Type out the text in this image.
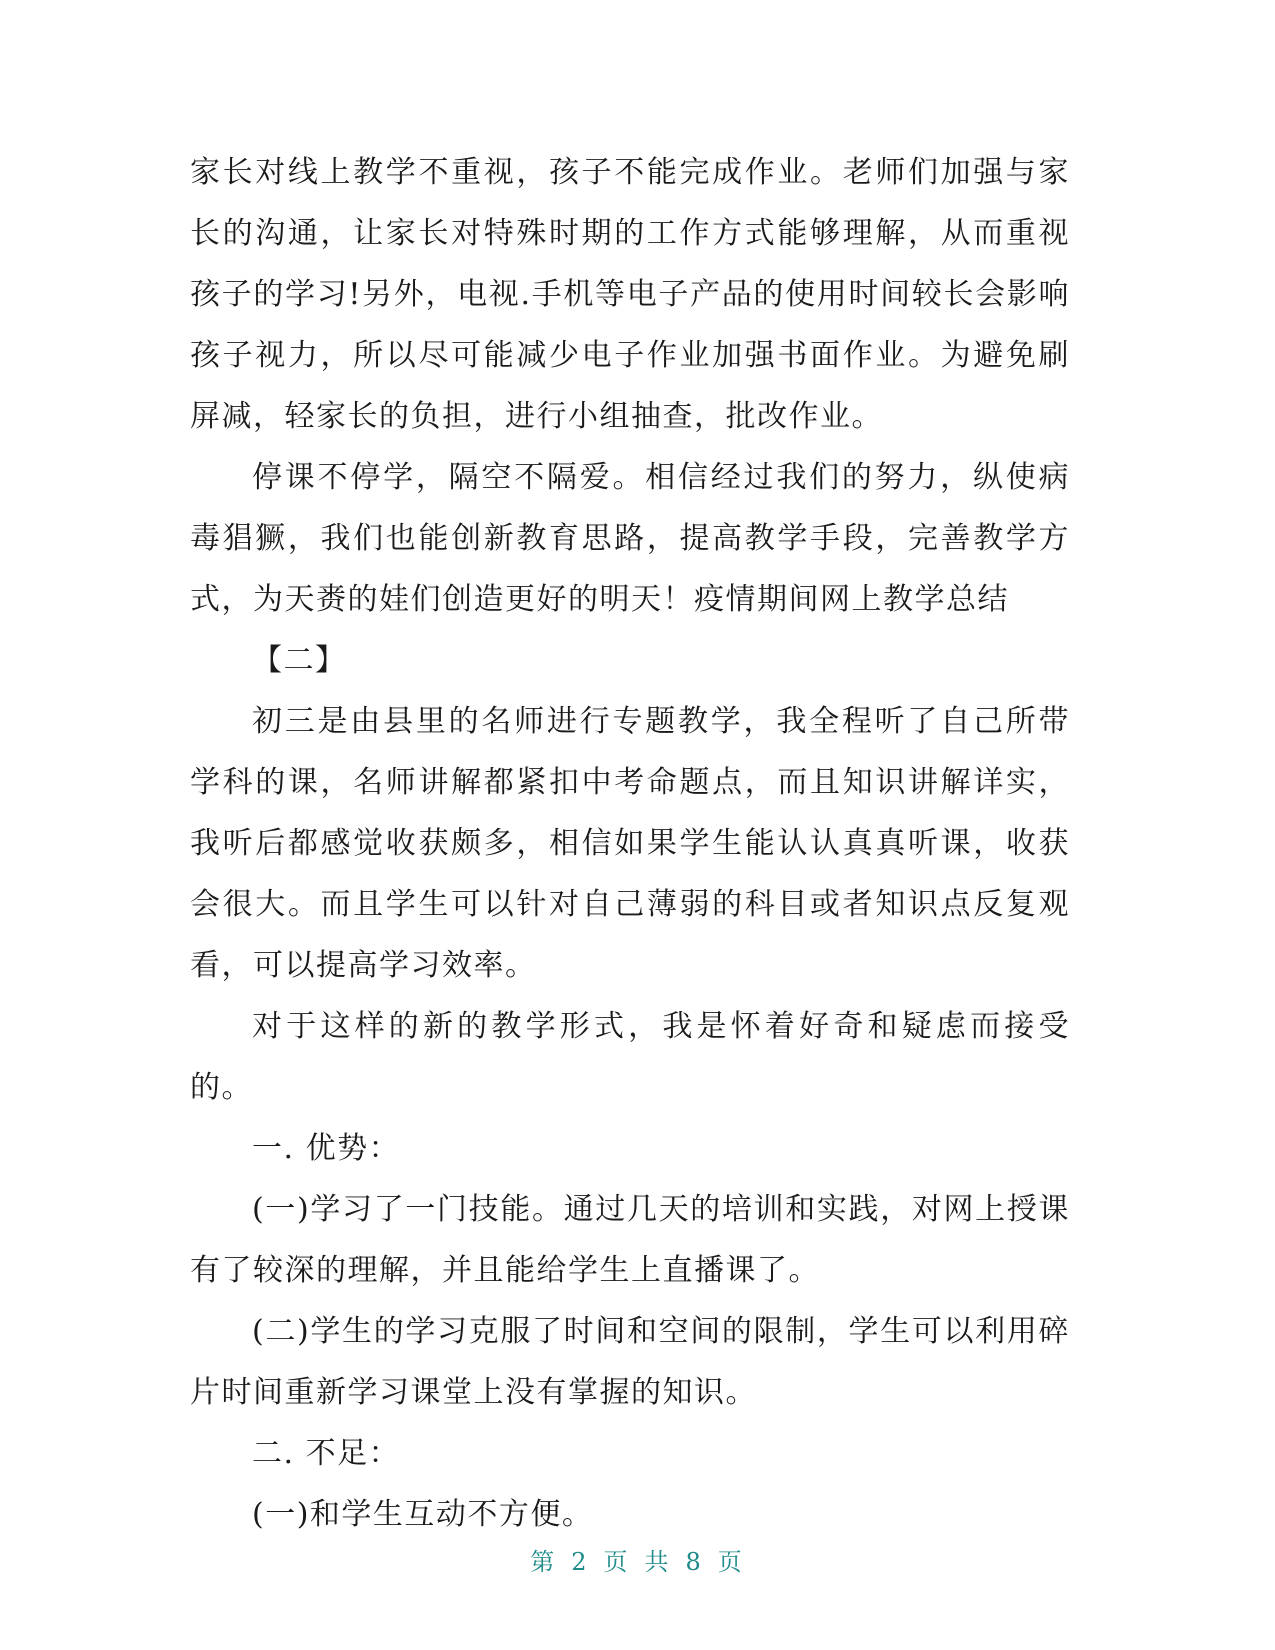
家长对线上教学不重视，孩子不能完成作业。老师们加强与家长的沟通，让家长对特殊时期的工作方式能够理解，从而重视孩子的学习!另外，电视.手机等电子产品的使用时间较长会影响孩子视力，所以尽可能减少电子作业加强书面作业。为避免刷屏减，轻家长的负担，进行小组抽查，批改作业。

停课不停学，隔空不隔爱。相信经过我们的努力，纵使病毒猖獗，我们也能创新教育思路，提高教学手段，完善教学方式，为天赉的娃们创造更好的明天！疫情期间网上教学总结

【二】

初三是由县里的名师进行专题教学，我全程听了自己所带学科的课，名师讲解都紧扣中考命题点，而且知识讲解详实，我听后都感觉收获颇多，相信如果学生能认认真真听课，收获会很大。而且学生可以针对自己薄弱的科目或者知识点反复观看，可以提高学习效率。

对于这样的新的教学形式，我是怀着好奇和疑虑而接受的。

一. 优势：

(一)学习了一门技能。通过几天的培训和实践，对网上授课有了较深的理解，并且能给学生上直播课了。

(二)学生的学习克服了时间和空间的限制，学生可以利用碎片时间重新学习课堂上没有掌握的知识。

二. 不足：

(一)和学生互动不方便。

第 2 页 共 8 页
